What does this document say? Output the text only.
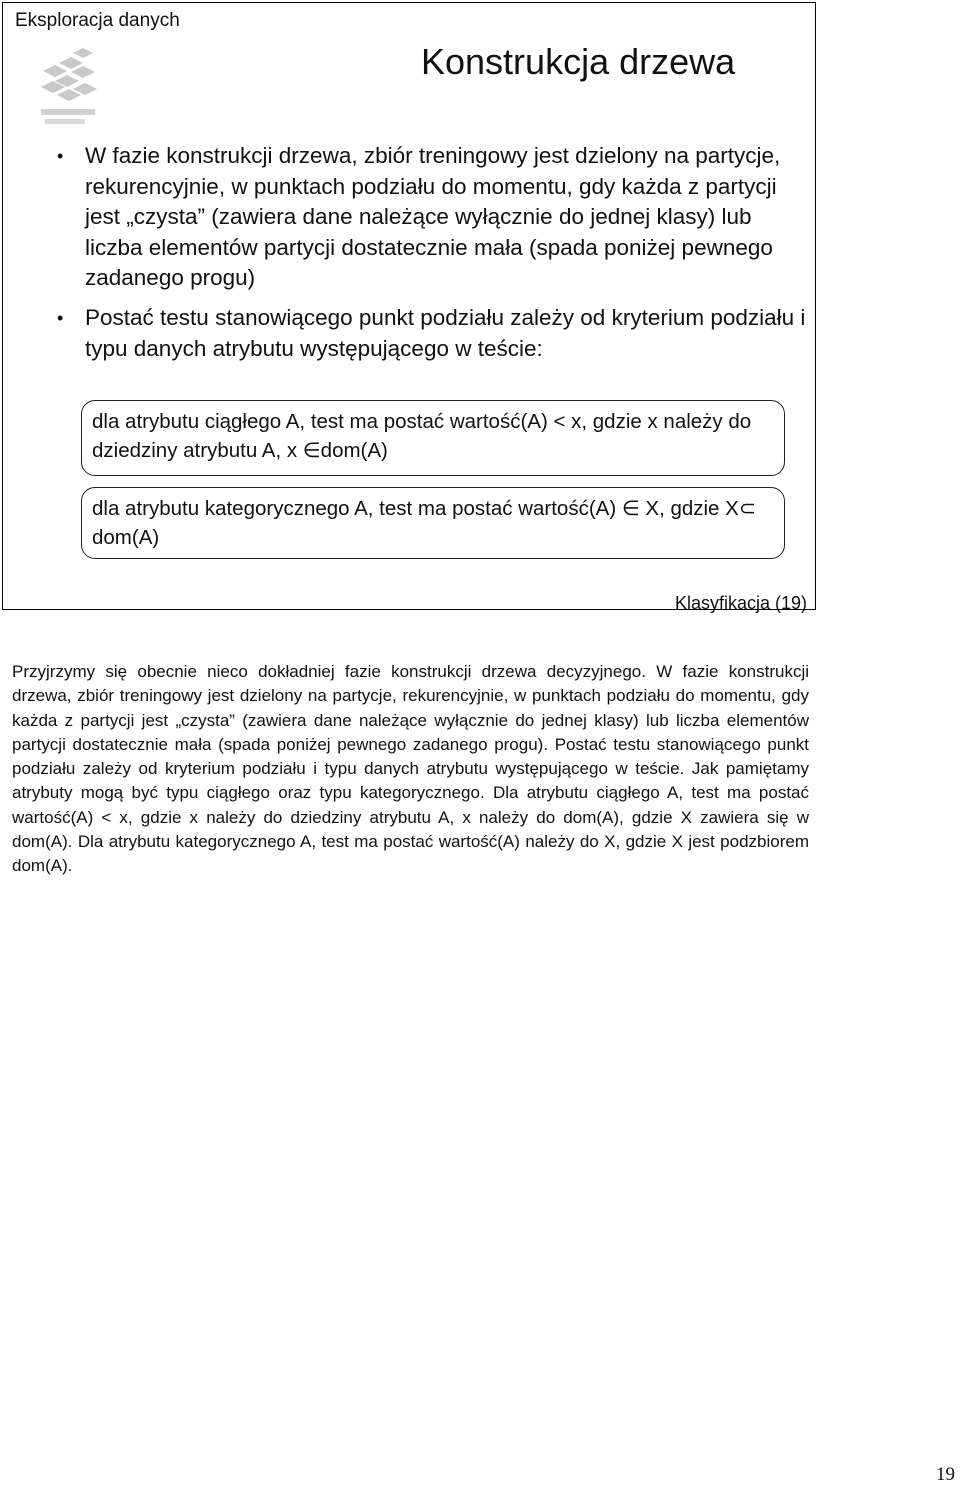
Eksploracja danych
Konstrukcja drzewa
• W fazie konstrukcji drzewa, zbiór treningowy jest dzielony na partycje, rekurencyjnie, w punktach podziału do momentu, gdy każda z partycji jest „czysta” (zawiera dane należące wyłącznie do jednej klasy) lub liczba elementów partycji dostatecznie mała (spada poniżej pewnego zadanego progu)
• Postać testu stanowiącego punkt podziału zależy od kryterium podziału i typu danych atrybutu występującego w teście:
dla atrybutu ciągłego A, test ma postać wartość(A) < x, gdzie x należy do dziedziny atrybutu A, x ∈dom(A)
dla atrybutu kategorycznego A, test ma postać wartość(A) ∈ X, gdzie X⊂ dom(A)
Klasyfikacja (19)

Przyjrzymy się obecnie nieco dokładniej fazie konstrukcji drzewa decyzyjnego. W fazie konstrukcji drzewa, zbiór treningowy jest dzielony na partycje, rekurencyjnie, w punktach podziału do momentu, gdy każda z partycji jest „czysta” (zawiera dane należące wyłącznie do jednej klasy) lub liczba elementów partycji dostatecznie mała (spada poniżej pewnego zadanego progu). Postać testu stanowiącego punkt podziału zależy od kryterium podziału i typu danych atrybutu występującego w teście. Jak pamiętamy atrybuty mogą być typu ciągłego oraz typu kategorycznego. Dla atrybutu ciągłego A, test ma postać wartość(A) < x, gdzie x należy do dziedziny atrybutu A, x należy do dom(A), gdzie X zawiera się w dom(A). Dla atrybutu kategorycznego A, test ma postać wartość(A) należy do X, gdzie X jest podzbiorem dom(A).

19
